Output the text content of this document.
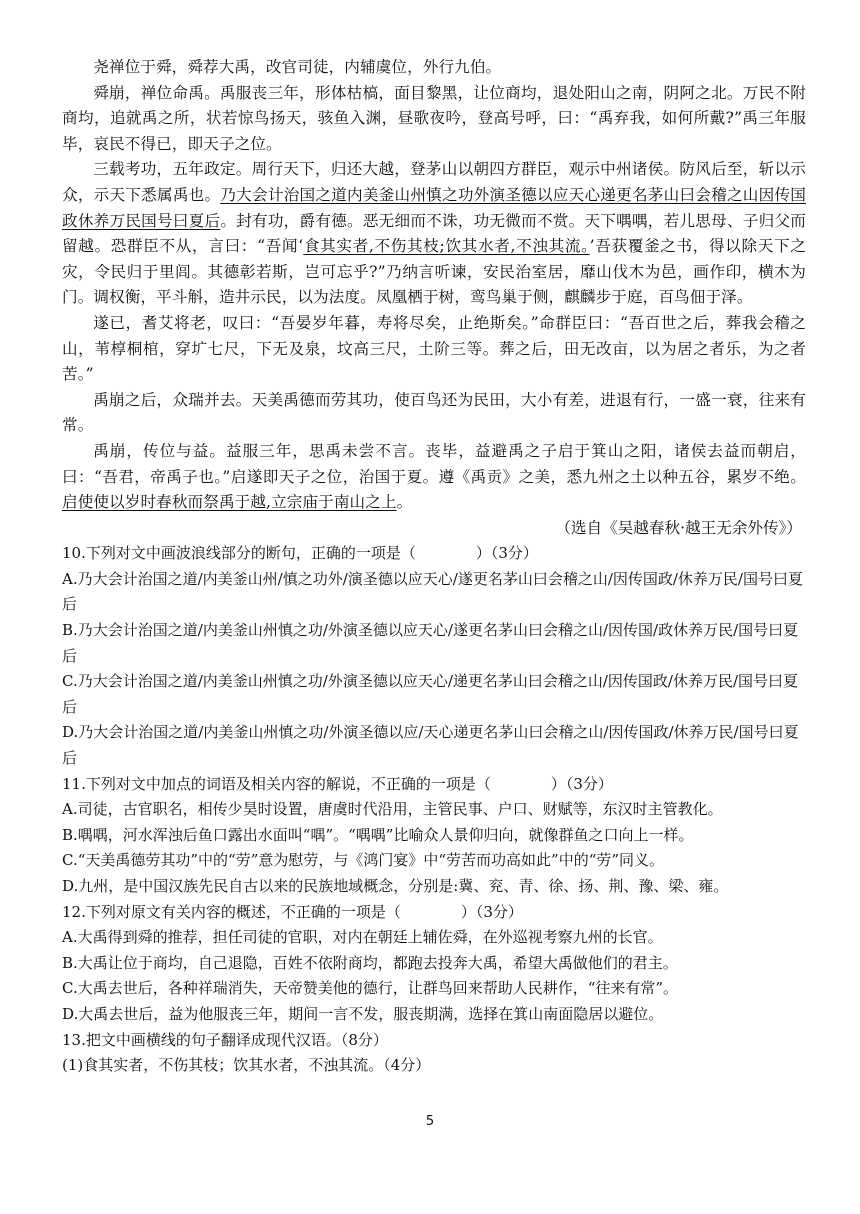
尧禅位于舜，舜荐大禹，改官司徒，内辅虞位，外行九伯。

舜崩，禅位命禹。禹服丧三年，形体枯槁，面目黎黑，让位商均，退处阳山之南，阴阿之北。万民不附商均，追就禹之所，状若惊鸟扬天，骇鱼入渊，昼歌夜吟，登高号呼，曰：“禹弃我，如何所戴?”禹三年服毕，哀民不得已，即天子之位。

三载考功，五年政定。周行天下，归还大越，登茅山以朝四方群臣，观示中州诸侯。防风后至，斩以示众，示天下悉属禹也。乃大会计治国之道内美釜山州慎之功外演圣德以应天心递更名茅山曰会稽之山因传国政休养万民国号曰夏后。封有功，爵有德。恶无细而不诛，功无微而不赏。天下喁喁，若儿思母、子归父而留越。恐群臣不从，言曰：“吾闻‘食其实者,不伤其枝;饮其水者,不浊其流。’吾获覆釜之书，得以除天下之灾，令民归于里闾。其德彰若斯，岂可忘乎?”乃纳言听谏，安民治室居，靡山伐木为邑，画作印，横木为门。调权衡，平斗斛，造井示民，以为法度。凤凰栖于树，鸾鸟巢于侧，麒麟步于庭，百鸟佃于泽。

遂已，耆艾将老，叹曰：“吾晏岁年暮，寿将尽矣，止绝斯矣。”命群臣曰：“吾百世之后，葬我会稽之山，苇椁桐棺，穿圹七尺，下无及泉，坟高三尺，土阶三等。葬之后，田无改亩，以为居之者乐，为之者苦。”

禹崩之后，众瑞并去。天美禹德而劳其功，使百鸟还为民田，大小有差，进退有行，一盛一衰，往来有常。

禹崩，传位与益。益服三年，思禹未尝不言。丧毕，益避禹之子启于箕山之阳，诸侯去益而朝启，曰：“吾君，帝禹子也。”启遂即天子之位，治国于夏。遵《禹贡》之美，悉九州之土以种五谷，累岁不绝。启使使以岁时春秋而祭禹于越,立宗庙于南山之上。

（选自《吴越春秋·越王无余外传》）

10.下列对文中画波浪线部分的断句，正确的一项是（　　　　）（3分）

A.乃大会计治国之道/内美釜山州/慎之功外/演圣德以应天心/遂更名茅山曰会稽之山/因传国政/休养万民/国号曰夏后

B.乃大会计治国之道/内美釜山州慎之功/外演圣德以应天心/遂更名茅山曰会稽之山/因传国/政休养万民/国号曰夏后

C.乃大会计治国之道/内美釜山州慎之功/外演圣德以应天心/递更名茅山曰会稽之山/因传国政/休养万民/国号曰夏后

D.乃大会计治国之道/内美釜山州慎之功/外演圣德以应/天心递更名茅山曰会稽之山/因传国政/休养万民/国号曰夏后

11.下列对文中加点的词语及相关内容的解说，不正确的一项是（　　　　）（3分）

A.司徒，古官职名，相传少昊时设置，唐虞时代沿用，主管民事、户口、财赋等，东汉时主管教化。

B.喁喁，河水浑浊后鱼口露出水面叫“喁”。“喁喁”比喻众人景仰归向，就像群鱼之口向上一样。

C.“天美禹德劳其功”中的“劳”意为慰劳，与《鸿门宴》中“劳苦而功高如此”中的“劳”同义。

D.九州，是中国汉族先民自古以来的民族地域概念，分别是:冀、兖、青、徐、扬、荆、豫、梁、雍。

12.下列对原文有关内容的概述，不正确的一项是（　　　　）（3分）

A.大禹得到舜的推荐，担任司徒的官职，对内在朝廷上辅佐舜，在外巡视考察九州的长官。

B.大禹让位于商均，自己退隐，百姓不依附商均，都跑去投奔大禹，希望大禹做他们的君主。

C.大禹去世后，各种祥瑞消失，天帝赞美他的德行，让群鸟回来帮助人民耕作，“往来有常”。

D.大禹去世后，益为他服丧三年，期间一言不发，服丧期满，选择在箕山南面隐居以避位。

13.把文中画横线的句子翻译成现代汉语。（8分）

(1)食其实者，不伤其枝；饮其水者，不浊其流。（4分）

5
